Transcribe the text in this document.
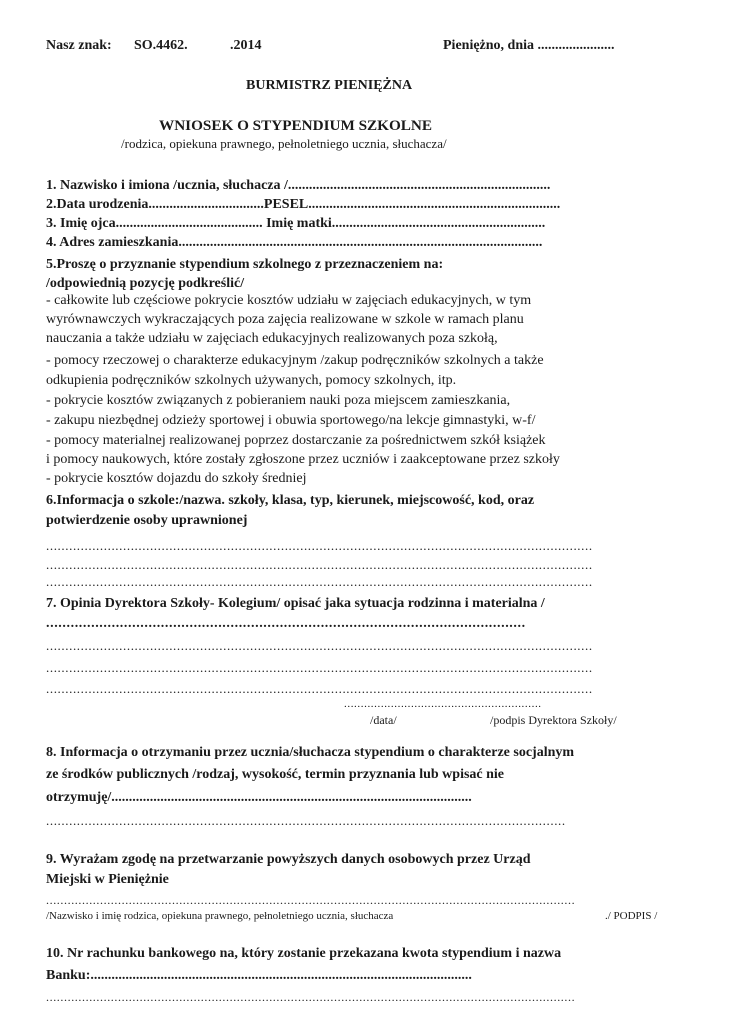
Nasz znak: SO.4462.	.2014	Pieniężno, dnia ......................
BURMISTRZ PIENIĘŻNA
WNIOSEK O STYPENDIUM SZKOLNE
/rodzica, opiekuna prawnego, pełnoletniego ucznia, słuchacza/
1. Nazwisko i imiona /ucznia, słuchacza /...........................................................................
2.Data urodzenia.................................PESEL........................................................................
3. Imię ojca.......................................... Imię matki.............................................................
4. Adres zamieszkania........................................................................................................
5.Proszę o przyznanie stypendium szkolnego z przeznaczeniem na:
/odpowiednią pozycję podkreślić/
- całkowite lub częściowe pokrycie kosztów udziału w zajęciach edukacyjnych, w tym
wyrównawczych wykraczających poza zajęcia realizowane w szkole w ramach planu
nauczania a także udziału w zajęciach edukacyjnych realizowanych poza szkołą,
- pomocy rzeczowej o charakterze edukacyjnym /zakup podręczników szkolnych a także
odkupienia podręczników szkolnych używanych, pomocy szkolnych, itp.
- pokrycie kosztów związanych z pobieraniem nauki poza miejscem zamieszkania,
- zakupu niezbędnej odzieży sportowej i obuwia sportowego/na lekcje gimnastyki, w-f/
- pomocy materialnej realizowanej poprzez dostarczanie za pośrednictwem szkół książek
i pomocy naukowych, które zostały zgłoszone przez uczniów i zaakceptowane przez szkoły
- pokrycie kosztów dojazdu do szkoły średniej
6.Informacja o szkole:/nazwa. szkoły, klasa, typ, kierunek, miejscowość, kod, oraz
potwierdzenie osoby uprawnionej
..............................................................................................................................................
..............................................................................................................................................
..............................................................................................................................................
7. Opinia Dyrektora Szkoły- Kolegium/ opisać jaka sytuacja rodzinna i materialna /
.....................................................................................................................
..............................................................................................................................................
..............................................................................................................................................
..............................................................................................................................................
...........................................................
/data/	/podpis Dyrektora Szkoły/
8. Informacja o otrzymaniu przez ucznia/słuchacza stypendium o charakterze socjalnym
ze środków publicznych /rodzaj, wysokość, termin przyznania lub wpisać nie
otrzymuję/.......................................................................................................
.......................................................................................................................................
9. Wyrażam zgodę na przetwarzanie powyższych danych osobowych przez Urząd
Miejski w Pieniężnie
...................................................................................................................................................
/Nazwisko i imię rodzica, opiekuna prawnego, pełnoletniego ucznia, słuchacza	./ PODPIS /
10. Nr rachunku bankowego na, który zostanie przekazana kwota stypendium i nazwa
Banku:.............................................................................................................
...................................................................................................................................................
